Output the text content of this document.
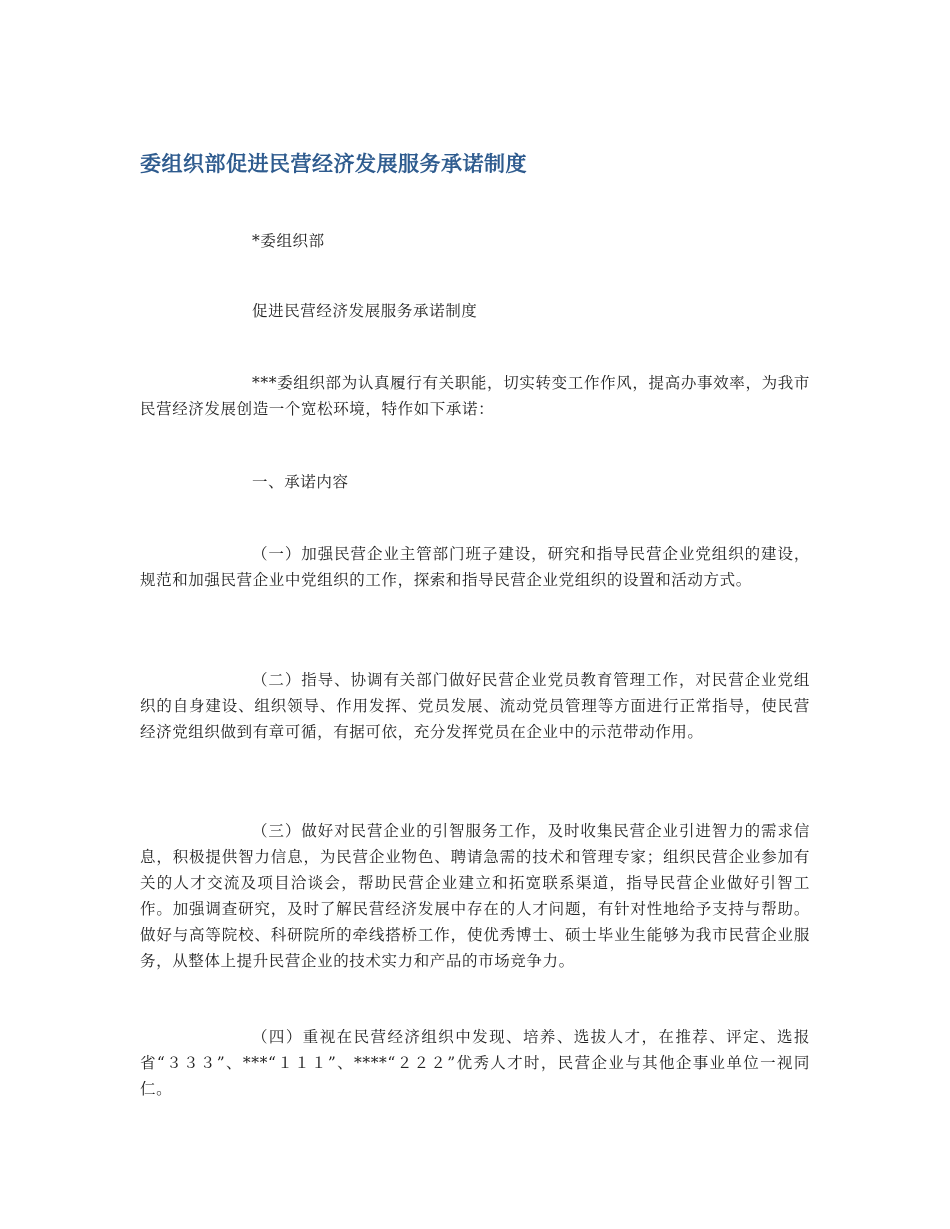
委组织部促进民营经济发展服务承诺制度

*委组织部

促进民营经济发展服务承诺制度

***委组织部为认真履行有关职能，切实转变工作作风，提高办事效率，为我市民营经济发展创造一个宽松环境，特作如下承诺：

一、承诺内容

（一）加强民营企业主管部门班子建设，研究和指导民营企业党组织的建设，规范和加强民营企业中党组织的工作，探索和指导民营企业党组织的设置和活动方式。

（二）指导、协调有关部门做好民营企业党员教育管理工作，对民营企业党组织的自身建设、组织领导、作用发挥、党员发展、流动党员管理等方面进行正常指导，使民营经济党组织做到有章可循，有据可依，充分发挥党员在企业中的示范带动作用。

（三）做好对民营企业的引智服务工作，及时收集民营企业引进智力的需求信息，积极提供智力信息，为民营企业物色、聘请急需的技术和管理专家；组织民营企业参加有关的人才交流及项目洽谈会，帮助民营企业建立和拓宽联系渠道，指导民营企业做好引智工作。加强调查研究，及时了解民营经济发展中存在的人才问题，有针对性地给予支持与帮助。做好与高等院校、科研院所的牵线搭桥工作，使优秀博士、硕士毕业生能够为我市民营企业服务，从整体上提升民营企业的技术实力和产品的市场竞争力。

（四）重视在民营经济组织中发现、培养、选拔人才，在推荐、评定、选报省“３３３”、***“１１１”、****“２２２”优秀人才时，民营企业与其他企事业单位一视同仁。
